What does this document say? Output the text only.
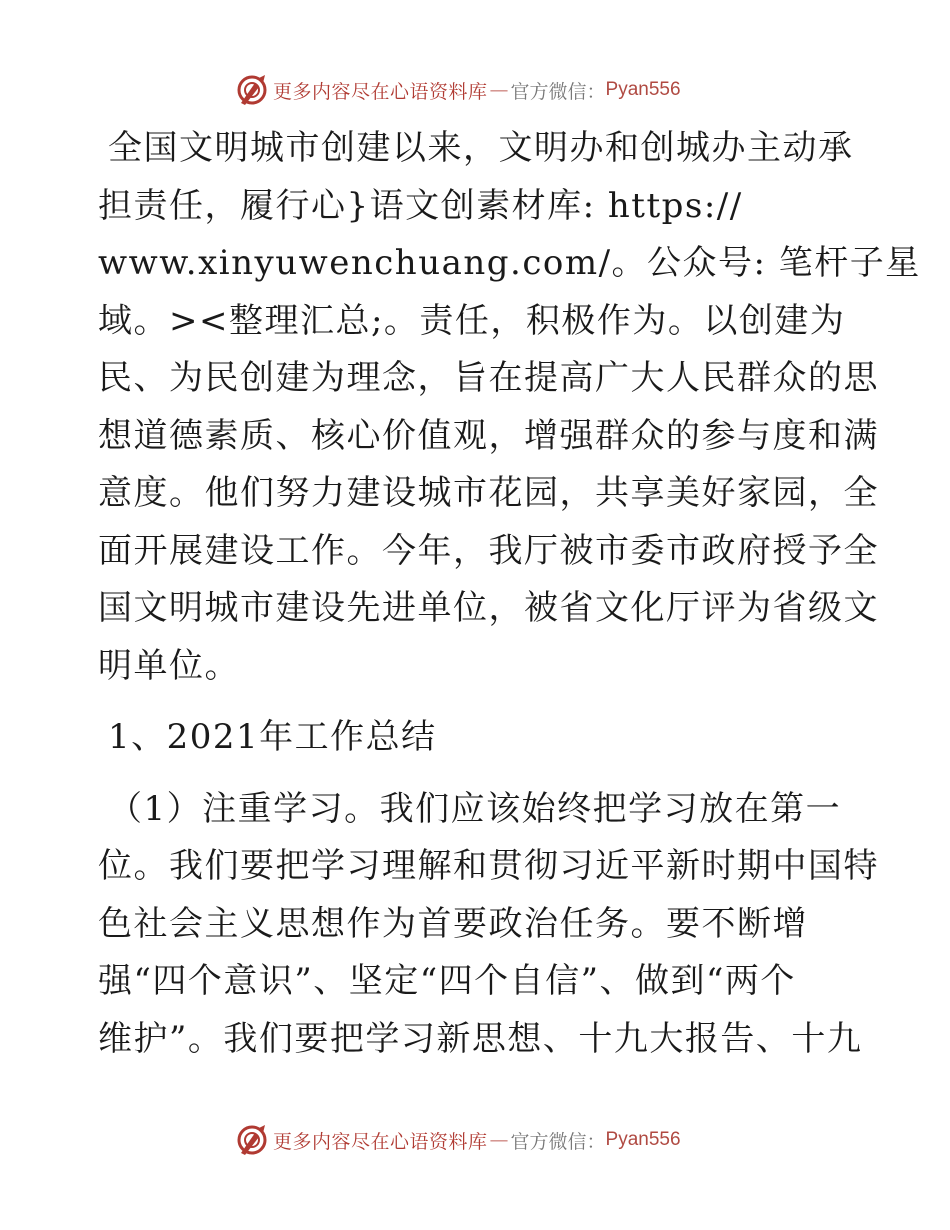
更多内容尽在心语资料库 — 官方微信： Pyan556
全国文明城市创建以来，文明办和创城办主动承
担责任，履行心}语文创素材库: https://
www.xinyuwenchuang.com/。公众号: 笔杆子星
域。><整理汇总;。责任，积极作为。以创建为
民、为民创建为理念，旨在提高广大人民群众的思
想道德素质、核心价值观，增强群众的参与度和满
意度。他们努力建设城市花园，共享美好家园，全
面开展建设工作。今年，我厅被市委市政府授予全
国文明城市建设先进单位，被省文化厅评为省级文
明单位。
1、2021年工作总结
（1）注重学习。我们应该始终把学习放在第一
位。我们要把学习理解和贯彻习近平新时期中国特
色社会主义思想作为首要政治任务。要不断增
强“四个意识”、坚定“四个自信”、做到“两个
维护”。我们要把学习新思想、十九大报告、十九
更多内容尽在心语资料库 — 官方微信： Pyan556
